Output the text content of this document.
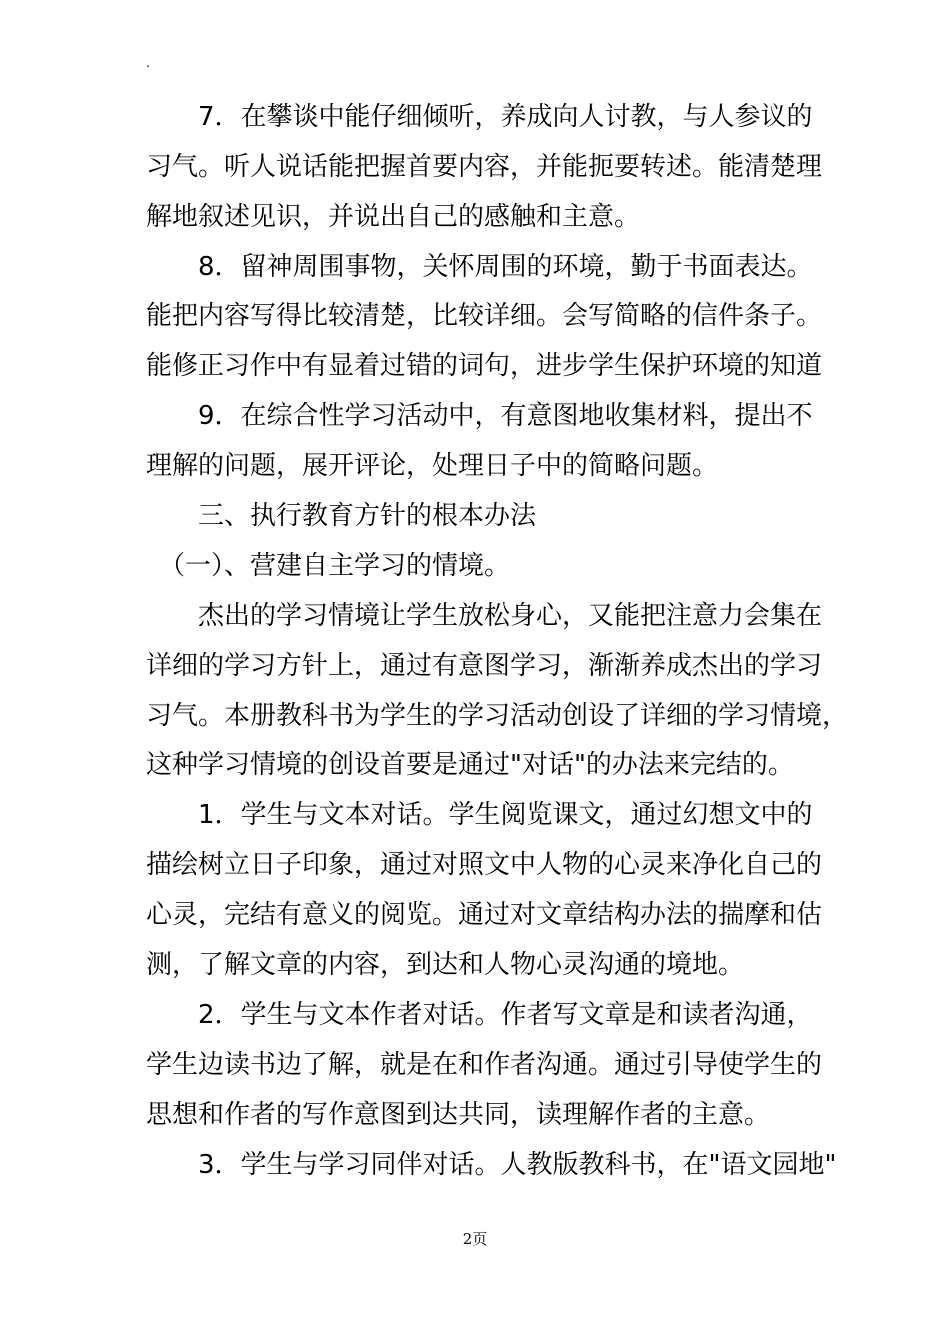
.
　　7．在攀谈中能仔细倾听，养成向人讨教，与人参议的
习气。听人说话能把握首要内容，并能扼要转述。能清楚理
解地叙述见识，并说出自己的感触和主意。
　　8．留神周围事物，关怀周围的环境，勤于书面表达。
能把内容写得比较清楚，比较详细。会写简略的信件条子。
能修正习作中有显着过错的词句，进步学生保护环境的知道
　　9．在综合性学习活动中，有意图地收集材料，提出不
理解的问题，展开评论，处理日子中的简略问题。
　　三、执行教育方针的根本办法
　（一）、营建自主学习的情境。
　　杰出的学习情境让学生放松身心，又能把注意力会集在
详细的学习方针上，通过有意图学习，渐渐养成杰出的学习
习气。本册教科书为学生的学习活动创设了详细的学习情境，
这种学习情境的创设首要是通过"对话"的办法来完结的。
　　1．学生与文本对话。学生阅览课文，通过幻想文中的
描绘树立日子印象，通过对照文中人物的心灵来净化自己的
心灵，完结有意义的阅览。通过对文章结构办法的揣摩和估
测，了解文章的内容，到达和人物心灵沟通的境地。
　　2．学生与文本作者对话。作者写文章是和读者沟通，
学生边读书边了解，就是在和作者沟通。通过引导使学生的
思想和作者的写作意图到达共同，读理解作者的主意。
　　3．学生与学习同伴对话。人教版教科书，在"语文园地"
2页
